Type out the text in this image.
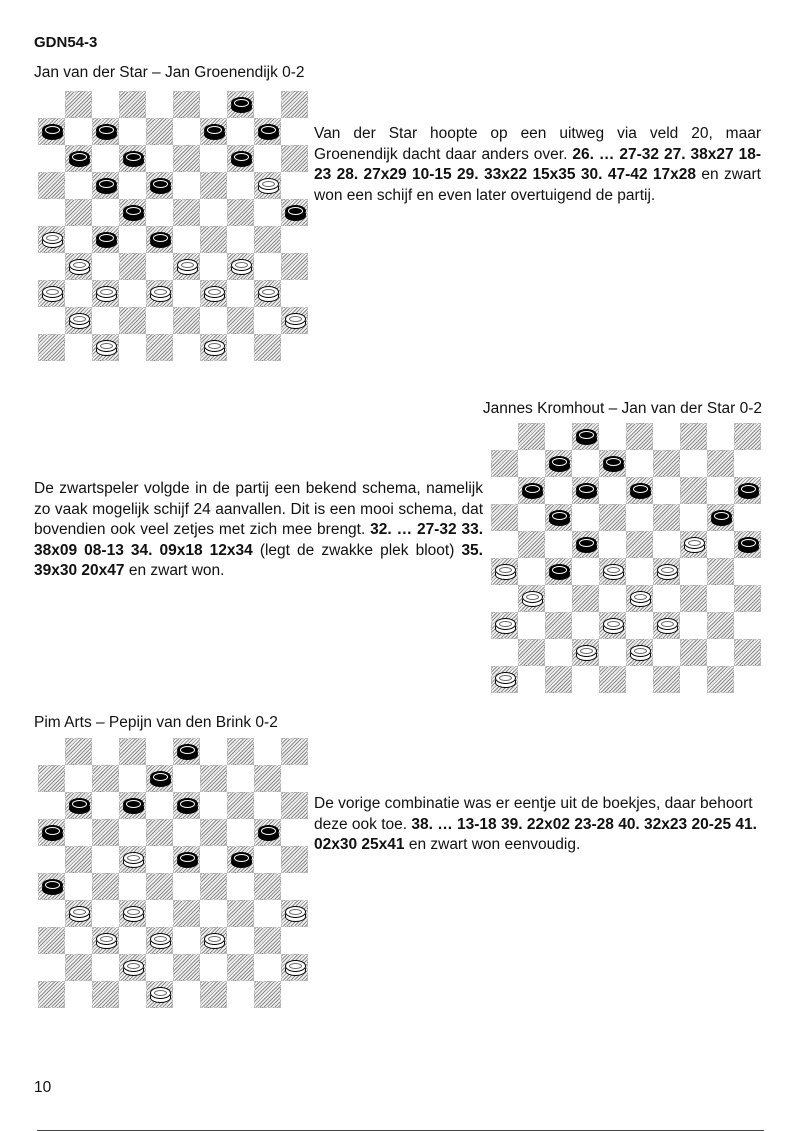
GDN54-3
Jan van der Star – Jan Groenendijk 0-2
Van der Star hoopte op een uitweg via veld 20, maar Groenendijk dacht daar anders over. 26. … 27-32 27. 38x27 18-23 28. 27x29 10-15 29. 33x22 15x35 30. 47-42 17x28 en zwart won een schijf en even later overtuigend de partij.
Jannes Kromhout – Jan van der Star 0-2
De zwartspeler volgde in de partij een bekend schema, namelijk zo vaak mogelijk schijf 24 aanvallen. Dit is een mooi schema, dat bovendien ook veel zetjes met zich mee brengt. 32. … 27-32 33. 38x09 08-13 34. 09x18 12x34 (legt de zwakke plek bloot) 35. 39x30 20x47 en zwart won.
Pim Arts – Pepijn van den Brink 0-2
De vorige combinatie was er eentje uit de boekjes, daar behoort deze ook toe. 38. … 13-18 39. 22x02 23-28 40. 32x23 20-25 41. 02x30 25x41 en zwart won eenvoudig.
10
